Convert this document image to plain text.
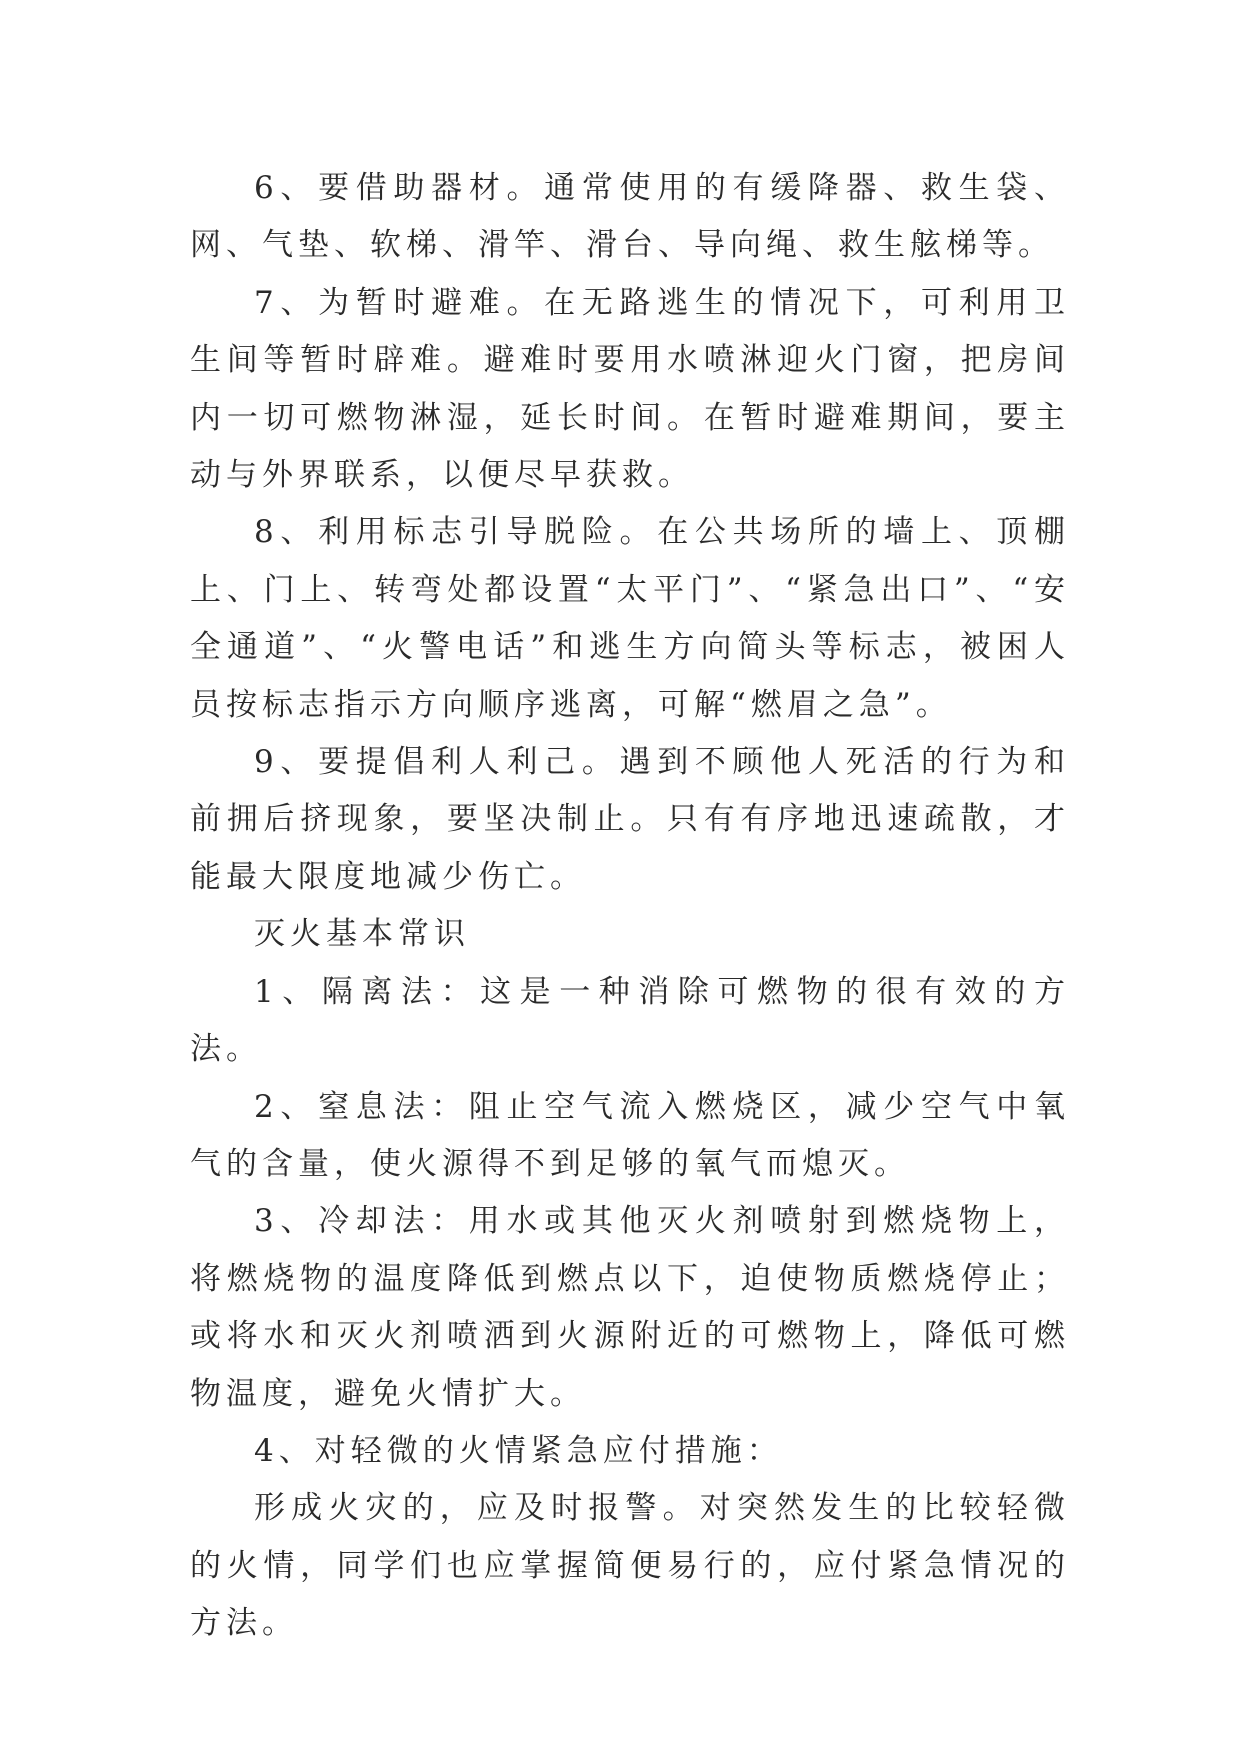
6、要借助器材。通常使用的有缓降器、救生袋、网、气垫、软梯、滑竿、滑台、导向绳、救生舷梯等。

7、为暂时避难。在无路逃生的情况下，可利用卫生间等暂时辟难。避难时要用水喷淋迎火门窗，把房间内一切可燃物淋湿，延长时间。在暂时避难期间，要主动与外界联系，以便尽早获救。

8、利用标志引导脱险。在公共场所的墙上、顶棚上、门上、转弯处都设置“太平门”、“紧急出口”、“安全通道”、“火警电话”和逃生方向简头等标志，被困人员按标志指示方向顺序逃离，可解“燃眉之急”。

9、要提倡利人利己。遇到不顾他人死活的行为和前拥后挤现象，要坚决制止。只有有序地迅速疏散，才能最大限度地减少伤亡。

灭火基本常识

1、隔离法：这是一种消除可燃物的很有效的方法。

2、窒息法：阻止空气流入燃烧区，减少空气中氧气的含量，使火源得不到足够的氧气而熄灭。

3、冷却法：用水或其他灭火剂喷射到燃烧物上，将燃烧物的温度降低到燃点以下，迫使物质燃烧停止；或将水和灭火剂喷洒到火源附近的可燃物上，降低可燃物温度，避免火情扩大。

4、对轻微的火情紧急应付措施：

形成火灾的，应及时报警。对突然发生的比较轻微的火情，同学们也应掌握简便易行的，应付紧急情况的方法。
